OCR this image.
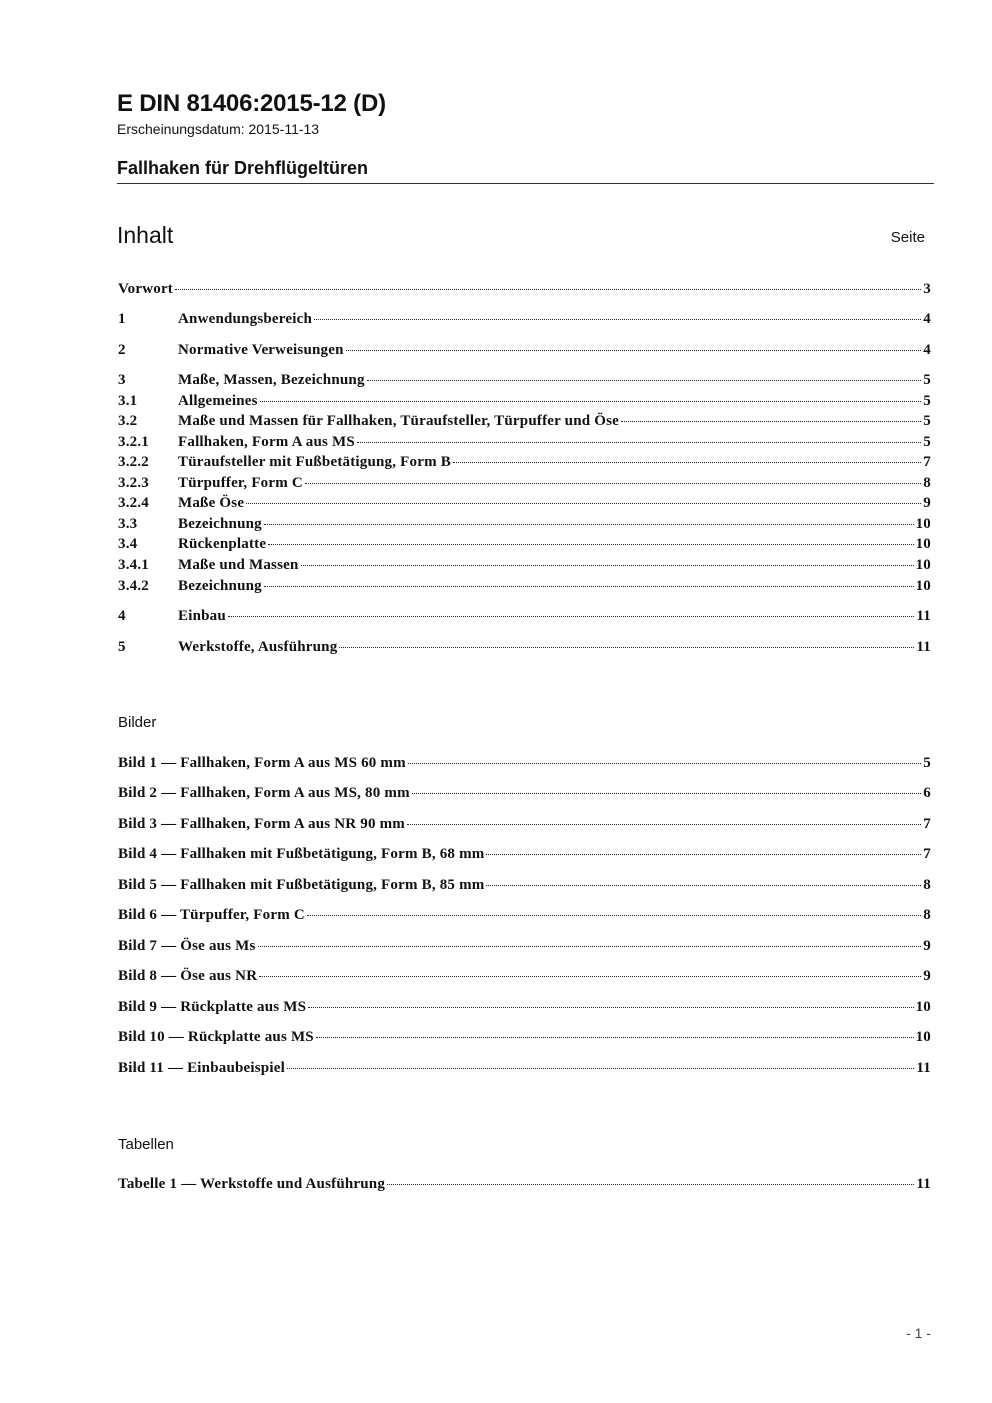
E DIN 81406:2015-12 (D)
Erscheinungsdatum: 2015-11-13
Fallhaken für Drehflügeltüren
Inhalt	Seite
Vorwort	3
1	Anwendungsbereich	4
2	Normative Verweisungen	4
3	Maße, Massen, Bezeichnung	5
3.1	Allgemeines	5
3.2	Maße und Massen für Fallhaken, Türaufsteller, Türpuffer und Öse	5
3.2.1	Fallhaken, Form A aus MS	5
3.2.2	Türaufsteller mit Fußbetätigung, Form B	7
3.2.3	Türpuffer, Form C	8
3.2.4	Maße Öse	9
3.3	Bezeichnung	10
3.4	Rückenplatte	10
3.4.1	Maße und Massen	10
3.4.2	Bezeichnung	10
4	Einbau	11
5	Werkstoffe, Ausführung	11
Bilder
Bild 1 — Fallhaken, Form A aus MS 60 mm	5
Bild 2 — Fallhaken, Form A aus MS, 80 mm	6
Bild 3 — Fallhaken, Form A aus NR 90 mm	7
Bild 4 — Fallhaken mit Fußbetätigung, Form B, 68 mm	7
Bild 5 — Fallhaken mit Fußbetätigung, Form B, 85 mm	8
Bild 6 — Türpuffer, Form C	8
Bild 7 — Öse aus Ms	9
Bild 8 — Öse aus NR	9
Bild 9 — Rückplatte aus MS	10
Bild 10 — Rückplatte aus MS	10
Bild 11 — Einbaubeispiel	11
Tabellen
Tabelle 1 — Werkstoffe und Ausführung	11
- 1 -
